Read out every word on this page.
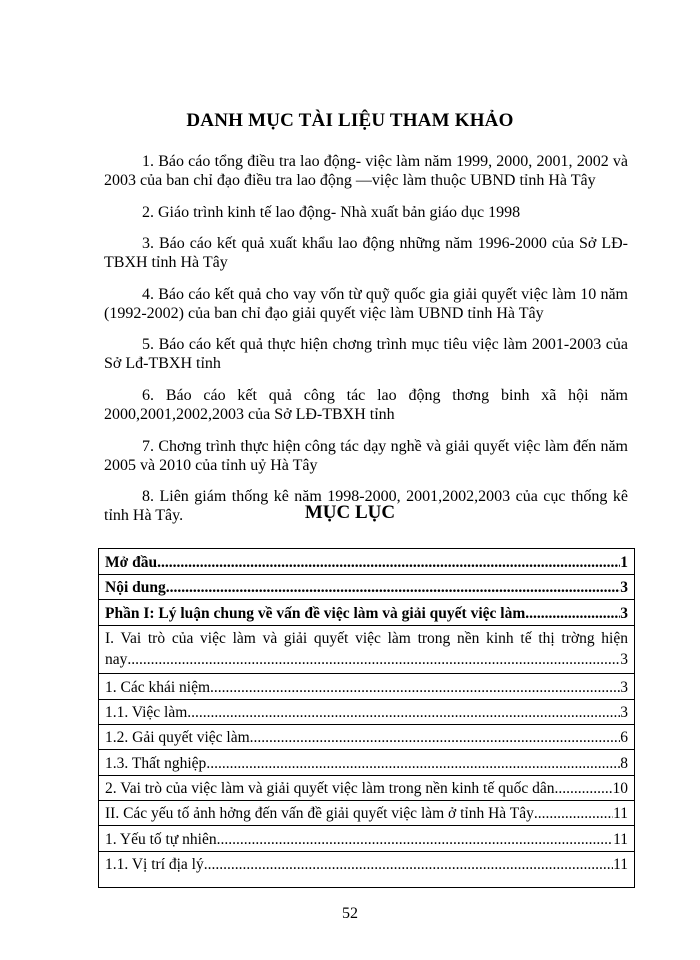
DANH MỤC TÀI LIỆU THAM KHẢO

1. Báo cáo tổng điều tra lao động- việc làm năm 1999, 2000, 2001, 2002 và 2003 của ban chỉ đạo điều tra lao động —việc làm thuộc UBND tỉnh Hà Tây

2. Giáo trình kinh tế lao động- Nhà xuất bản giáo dục 1998

3. Báo cáo kết quả xuất khẩu lao động những năm 1996-2000 của Sở LĐ-TBXH tỉnh Hà Tây

4. Báo cáo kết quả cho vay vốn từ quỹ quốc gia giải quyết việc làm 10 năm (1992-2002) của ban chỉ đạo giải quyết việc làm UBND tỉnh Hà Tây

5. Báo cáo kết quả thực hiện chơng trình mục tiêu việc làm 2001-2003 của Sở Lđ-TBXH tỉnh

6. Báo cáo kết quả công tác lao động thơng binh xã hội năm 2000,2001,2002,2003 của Sở LĐ-TBXH tỉnh

7. Chơng trình thực hiện công tác dạy nghề và giải quyết việc làm đến năm 2005 và 2010 của tỉnh uỷ Hà Tây

8. Liên giám thống kê năm 1998-2000, 2001,2002,2003 của cục thống kê tỉnh Hà Tây.	MỤC LỤC
Mở đầu. .....	1
Nội dung .....	3
Phần I: Lý luận chung về vấn đề việc làm và giải quyết việc làm .....	3
I. Vai trò của việc làm và giải quyết việc làm trong nền kinh tế thị trờng hiện
nay .....	3
1. Các khái niệm. .....	3
1.1. Việc làm .....	3
1.2. Gải quyết việc làm .....	6
1.3. Thất nghiệp .....	8
2. Vai trò của việc làm và giải quyết việc làm trong nền kinh tế quốc dân .....	10
II. Các yếu tố ảnh hởng đến vấn đề giải quyết việc làm ở tỉnh Hà Tây .....	11
1. Yếu tố tự nhiên .....	11
1.1. Vị trí địa lý .....	11
52
